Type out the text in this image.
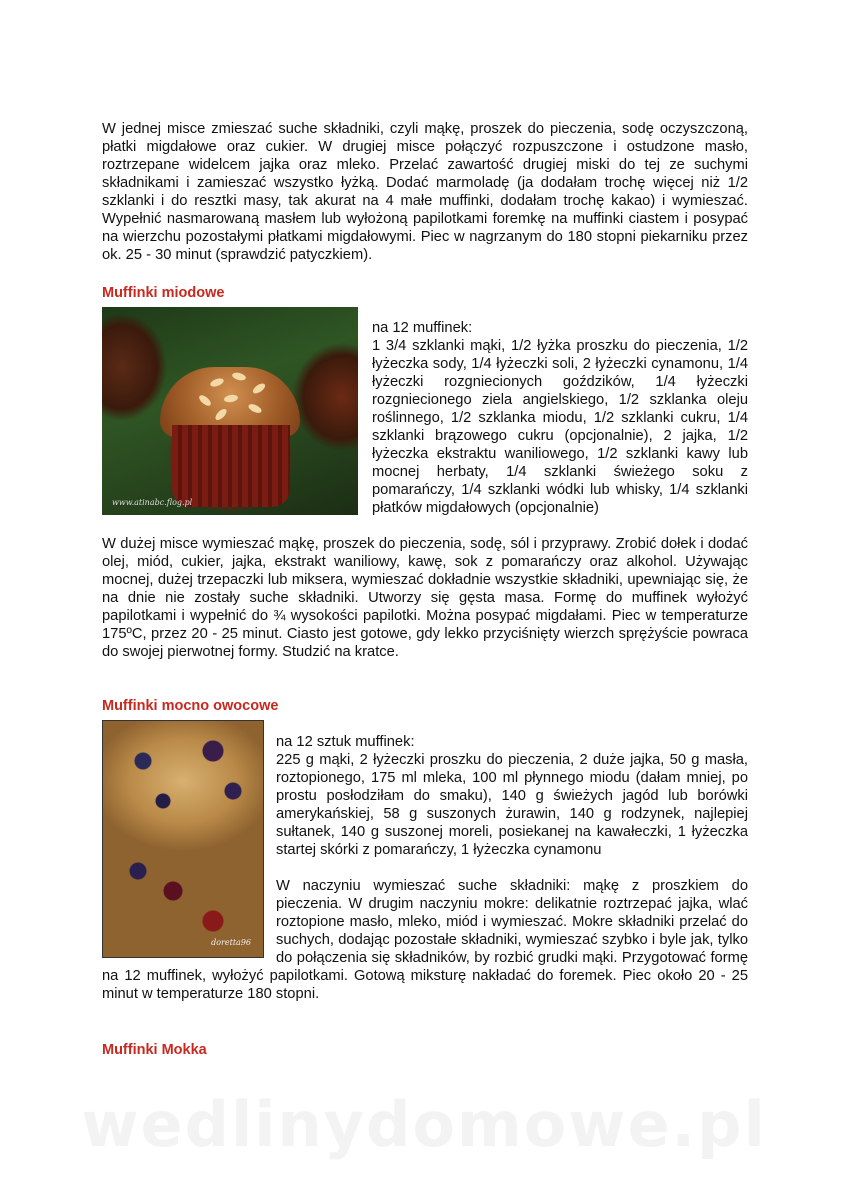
W jednej misce zmieszać suche składniki, czyli mąkę, proszek do pieczenia, sodę oczyszczoną, płatki migdałowe oraz cukier. W drugiej misce połączyć rozpuszczone i ostudzone masło, roztrzepane widelcem jajka oraz mleko. Przelać zawartość drugiej miski do tej ze suchymi składnikami i zamieszać wszystko łyżką. Dodać marmoladę (ja dodałam trochę więcej niż 1/2 szklanki i do resztki masy, tak akurat na 4 małe muffinki, dodałam trochę kakao) i wymieszać. Wypełnić nasmarowaną masłem lub wyłożoną papilotkami foremkę na muffinki ciastem i posypać na wierzchu pozostałymi płatkami migdałowymi. Piec w nagrzanym do 180 stopni piekarniku przez ok. 25 - 30 minut (sprawdzić patyczkiem).

Muffinki miodowe
www.atinabc.flog.pl

na 12 muffinek:

1 3/4 szklanki mąki, 1/2 łyżka proszku do pieczenia, 1/2 łyżeczka sody, 1/4 łyżeczki soli, 2 łyżeczki cynamonu, 1/4 łyżeczki rozgniecionych goździków, 1/4 łyżeczki rozgniecionego ziela angielskiego, 1/2 szklanka oleju roślinnego, 1/2 szklanka miodu, 1/2 szklanki cukru, 1/4 szklanki brązowego cukru (opcjonalnie), 2 jajka, 1/2 łyżeczka ekstraktu waniliowego, 1/2 szklanki kawy lub mocnej herbaty, 1/4 szklanki świeżego soku z pomarańczy, 1/4 szklanki wódki lub whisky, 1/4 szklanki płatków migdałowych (opcjonalnie)

W dużej misce wymieszać mąkę, proszek do pieczenia, sodę, sól i przyprawy. Zrobić dołek i dodać olej, miód, cukier, jajka, ekstrakt waniliowy, kawę, sok z pomarańczy oraz alkohol. Używając mocnej, dużej trzepaczki lub miksera, wymieszać dokładnie wszystkie składniki, upewniając się, że na dnie nie zostały suche składniki. Utworzy się gęsta masa. Formę do muffinek wyłożyć papilotkami i wypełnić do ¾ wysokości papilotki. Można posypać migdałami. Piec w temperaturze 175ºC, przez 20 - 25 minut. Ciasto jest gotowe, gdy lekko przyciśnięty wierzch sprężyście powraca do swojej pierwotnej formy. Studzić na kratce.

Muffinki mocno owocowe
doretta96

na 12 sztuk muffinek:

225 g mąki, 2 łyżeczki proszku do pieczenia, 2 duże jajka, 50 g masła, roztopionego, 175 ml mleka, 100 ml płynnego miodu (dałam mniej, po prostu posłodziłam do smaku), 140 g świeżych jagód lub borówki amerykańskiej, 58 g suszonych żurawin, 140 g rodzynek, najlepiej sułtanek, 140 g suszonej moreli, posiekanej na kawałeczki, 1 łyżeczka startej skórki z pomarańczy, 1 łyżeczka cynamonu

W naczyniu wymieszać suche składniki: mąkę z proszkiem do pieczenia. W drugim naczyniu mokre: delikatnie roztrzepać jajka, wlać roztopione masło, mleko, miód i wymieszać. Mokre składniki przelać do suchych, dodając pozostałe składniki, wymieszać szybko i byle jak, tylko do połączenia się składników, by rozbić grudki mąki. Przygotować formę na 12 muffinek, wyłożyć papilotkami. Gotową miksturę nakładać do foremek. Piec około 20 - 25 minut w temperaturze 180 stopni.

Muffinki Mokka
wedlinydomowe.pl
